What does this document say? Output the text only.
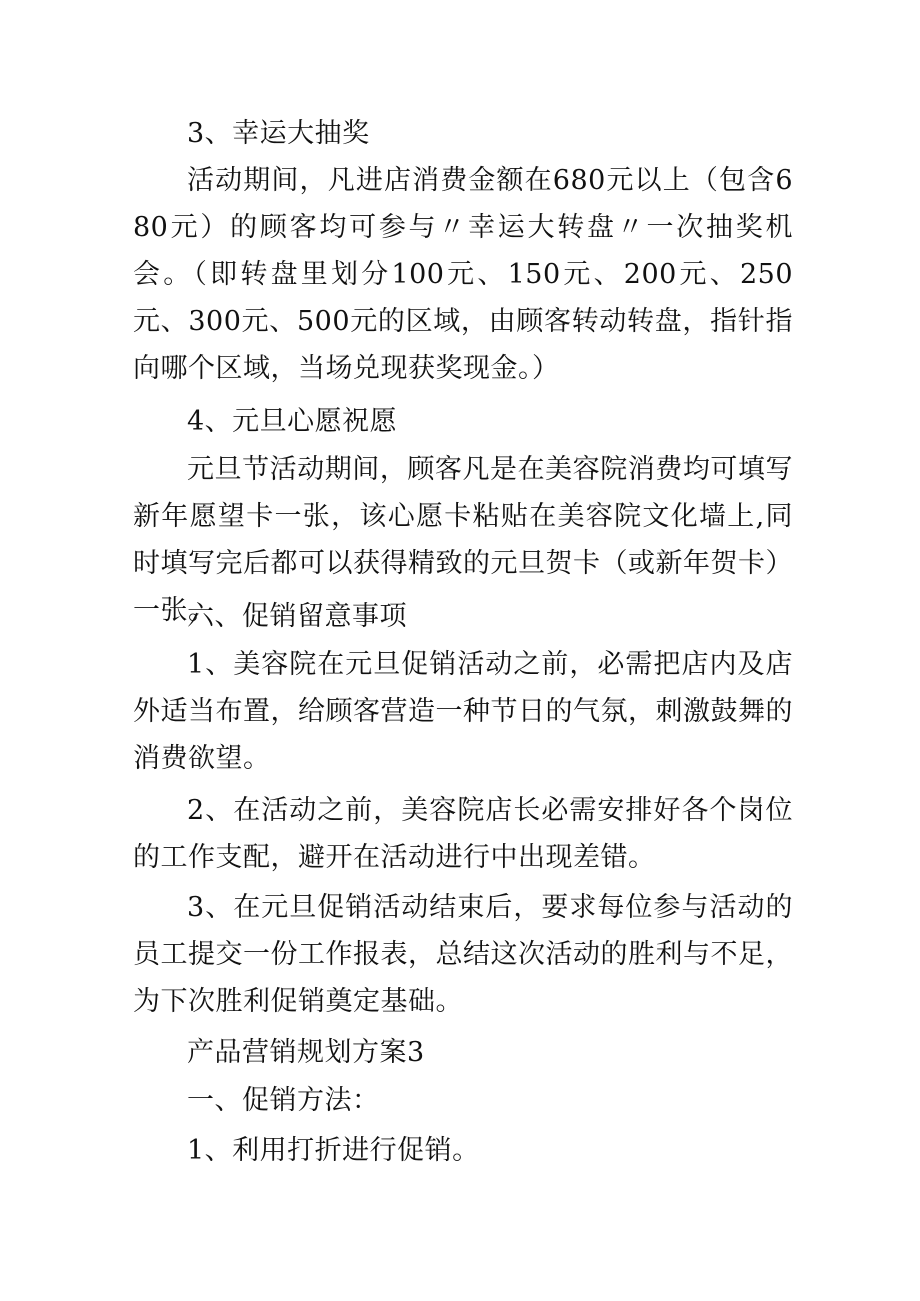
3、幸运大抽奖

活动期间，凡进店消费金额在680元以上（包含680元）的顾客均可参与〃幸运大转盘〃一次抽奖机会。（即转盘里划分100元、150元、200元、250元、300元、500元的区域，由顾客转动转盘，指针指向哪个区域，当场兑现获奖现金。）

4、元旦心愿祝愿

元旦节活动期间，顾客凡是在美容院消费均可填写新年愿望卡一张，该心愿卡粘贴在美容院文化墙上,同时填写完后都可以获得精致的元旦贺卡（或新年贺卡）一张。

六、促销留意事项

1、美容院在元旦促销活动之前，必需把店内及店外适当布置，给顾客营造一种节日的气氛，刺激鼓舞的消费欲望。

2、在活动之前，美容院店长必需安排好各个岗位的工作支配，避开在活动进行中出现差错。

3、在元旦促销活动结束后，要求每位参与活动的员工提交一份工作报表，总结这次活动的胜利与不足，为下次胜利促销奠定基础。

产品营销规划方案3

一、促销方法：

1、利用打折进行促销。
